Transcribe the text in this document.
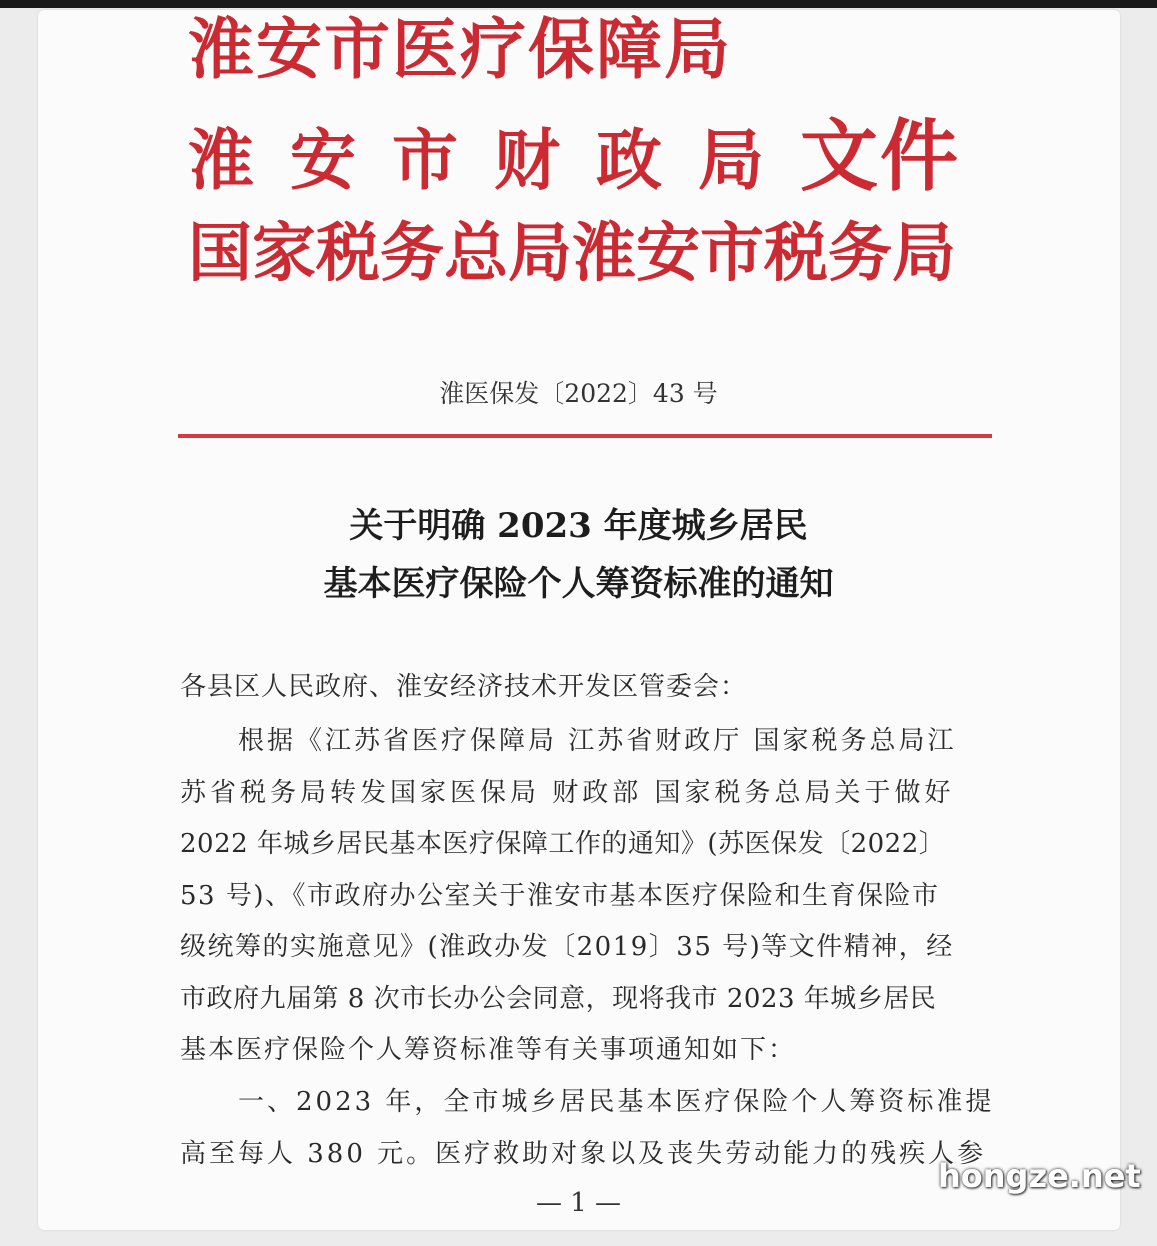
淮安市医疗保障局
淮安市财政局文件
国家税务总局淮安市税务局
淮医保发〔2022〕43 号
关于明确 2023 年度城乡居民
基本医疗保险个人筹资标准的通知
各县区人民政府、淮安经济技术开发区管委会：
　　根据《江苏省医疗保障局 江苏省财政厅 国家税务总局江
苏省税务局转发国家医保局 财政部 国家税务总局关于做好
2022 年城乡居民基本医疗保障工作的通知》(苏医保发〔2022〕
53 号)、《市政府办公室关于淮安市基本医疗保险和生育保险市
级统筹的实施意见》(淮政办发〔2019〕35 号)等文件精神，经
市政府九届第 8 次市长办公会同意，现将我市 2023 年城乡居民
基本医疗保险个人筹资标准等有关事项通知如下：
　　一、2023 年，全市城乡居民基本医疗保险个人筹资标准提
高至每人 380 元。医疗救助对象以及丧失劳动能力的残疾人参
— 1 —
hongze.net
